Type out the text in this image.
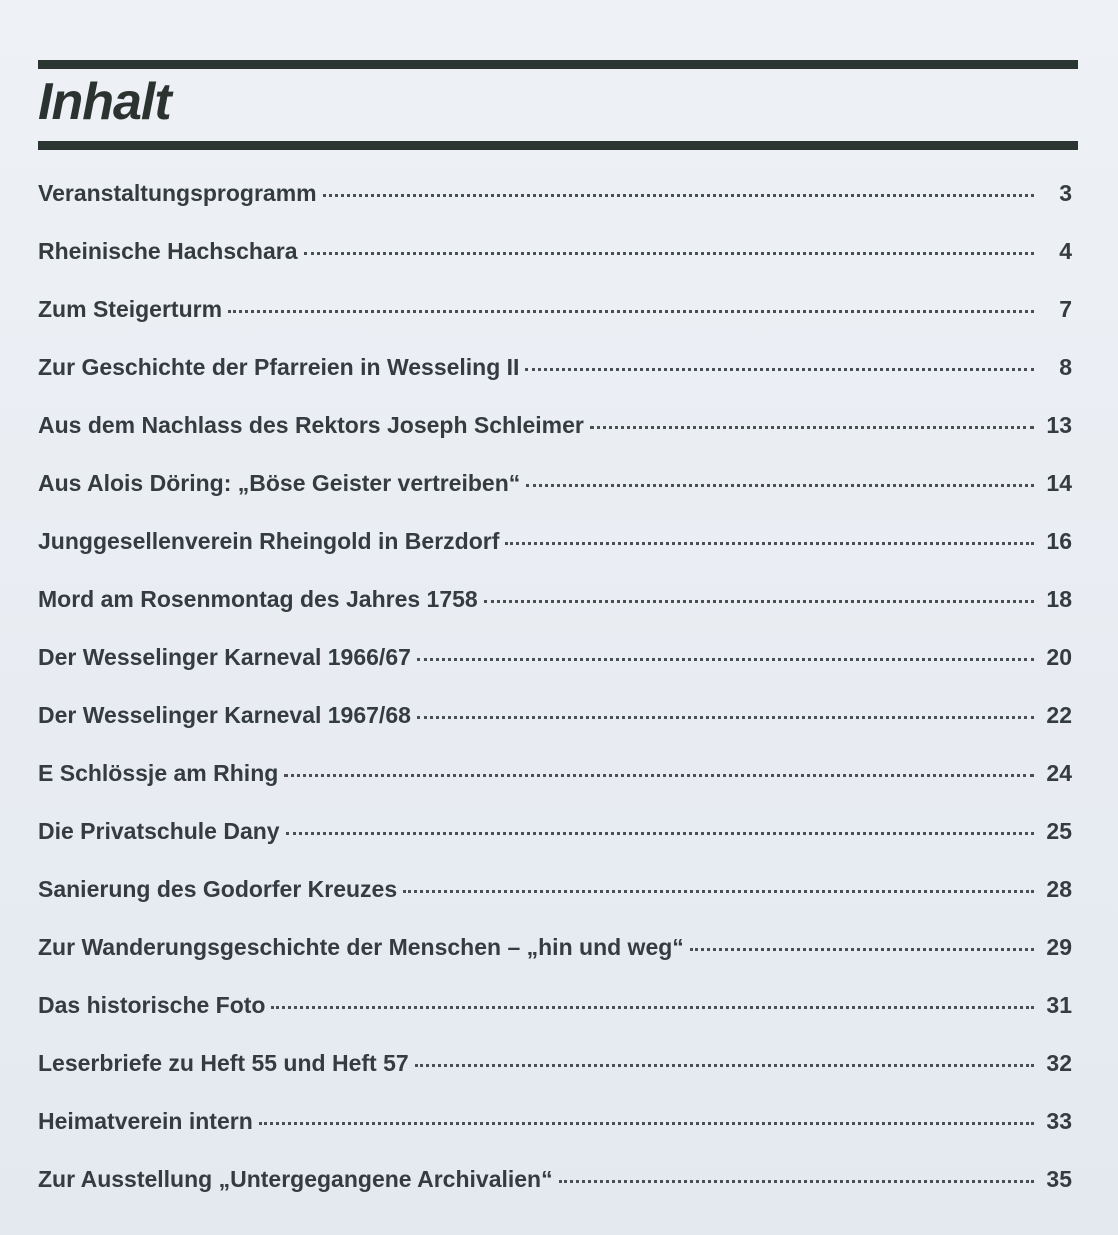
Inhalt
Veranstaltungsprogramm	3
Rheinische Hachschara	4
Zum Steigerturm	7
Zur Geschichte der Pfarreien in Wesseling II	8
Aus dem Nachlass des Rektors Joseph Schleimer	13
Aus Alois Döring: „Böse Geister vertreiben“	14
Junggesellenverein Rheingold in Berzdorf	16
Mord am Rosenmontag des Jahres 1758	18
Der Wesselinger Karneval 1966/67	20
Der Wesselinger Karneval 1967/68	22
E Schlössje am Rhing	24
Die Privatschule Dany	25
Sanierung des Godorfer Kreuzes	28
Zur Wanderungsgeschichte der Menschen – „hin und weg“	29
Das historische Foto	31
Leserbriefe zu Heft 55 und Heft 57	32
Heimatverein intern	33
Zur Ausstellung „Untergegangene Archivalien“	35
